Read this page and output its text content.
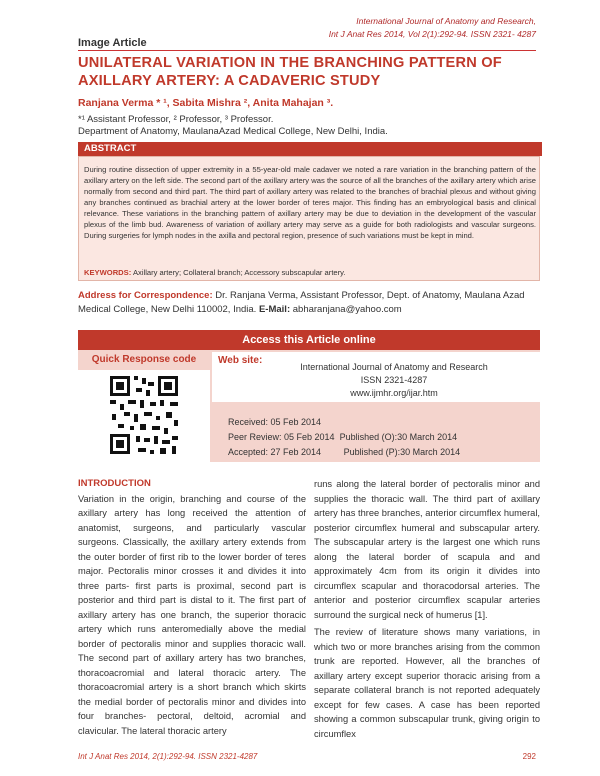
International Journal of Anatomy and Research,
Int J Anat Res 2014, Vol 2(1):292-94. ISSN 2321- 4287
Image Article
UNILATERAL VARIATION IN THE BRANCHING PATTERN OF
AXILLARY ARTERY: A CADAVERIC STUDY
Ranjana Verma * ¹, Sabita Mishra ², Anita Mahajan ³.
*¹ Assistant Professor, ² Professor, ³ Professor.
Department of Anatomy, MaulanaAzad Medical College, New Delhi, India.
ABSTRACT
During routine dissection of upper extremity in a 55-year-old male cadaver we noted a rare variation in the branching pattern of the axillary artery on the left side. The second part of the axillary artery was the source of all the branches of the axillary artery which arise normally from second and third part. The third part of axillary artery was related to the branches of brachial plexus and without giving any branches continued as brachial artery at the lower border of teres major. This finding has an embryological basis and clinical relevance. These variations in the branching pattern of axillary artery may be due to deviation in the development of the vascular plexus of the limb bud. Awareness of variation of axillary artery may serve as a guide for both radiologists and vascular surgeons. During surgeries for lymph nodes in the axilla and pectoral region, presence of such variations must be kept in mind.
KEYWORDS: Axillary artery; Collateral branch; Accessory subscapular artery.
Address for Correspondence: Dr. Ranjana Verma, Assistant Professor, Dept. of Anatomy, Maulana Azad Medical College, New Delhi 110002, India. E-Mail: abharanjana@yahoo.com
Access this Article online
Quick Response code	Web site:
International Journal of Anatomy and Research
ISSN 2321-4287
www.ijmhr.org/ijar.htm
Received: 05 Feb 2014
Peer Review: 05 Feb 2014 Published (O):30 March 2014
Accepted: 27 Feb 2014	Published (P):30 March 2014
INTRODUCTION

Variation in the origin, branching and course of the axillary artery has long received the attention of anatomist, surgeons, and particularly vascular surgeons. Classically, the axillary artery extends from the outer border of first rib to the lower border of teres major. Pectoralis minor crosses it and divides it into three parts- first parts is proximal, second part is posterior and third part is distal to it. The first part of axillary artery has one branch, the superior thoracic artery which runs anteromedially above the medial border of pectoralis minor and supplies thoracic wall. The second part of axillary artery has two branches, thoracoacromial and lateral thoracic artery. The thoracoacromial artery is a short branch which skirts the medial border of pectoralis minor and divides into four branches- pectoral, deltoid, acromial and clavicular. The lateral thoracic artery

runs along the lateral border of pectoralis minor and supplies the thoracic wall. The third part of axillary artery has three branches, anterior circumflex humeral, posterior circumflex humeral and subscapular artery. The subscapular artery is the largest one which runs along the lateral border of scapula and and approximately 4cm from its origin it divides into circumflex scapular and thoracodorsal arteries. The anterior and posterior circumflex scapular arteries surround the surgical neck of humerus [1].

The review of literature shows many variations, in which two or more branches arising from the common trunk are reported. However, all the branches of axillary artery except superior thoracic arising from a separate collateral branch is not reported adequately except for few cases. A case has been reported showing a common subscapular trunk, giving origin to circumflex

Int J Anat Res 2014, 2(1):292-94. ISSN 2321-4287	292
